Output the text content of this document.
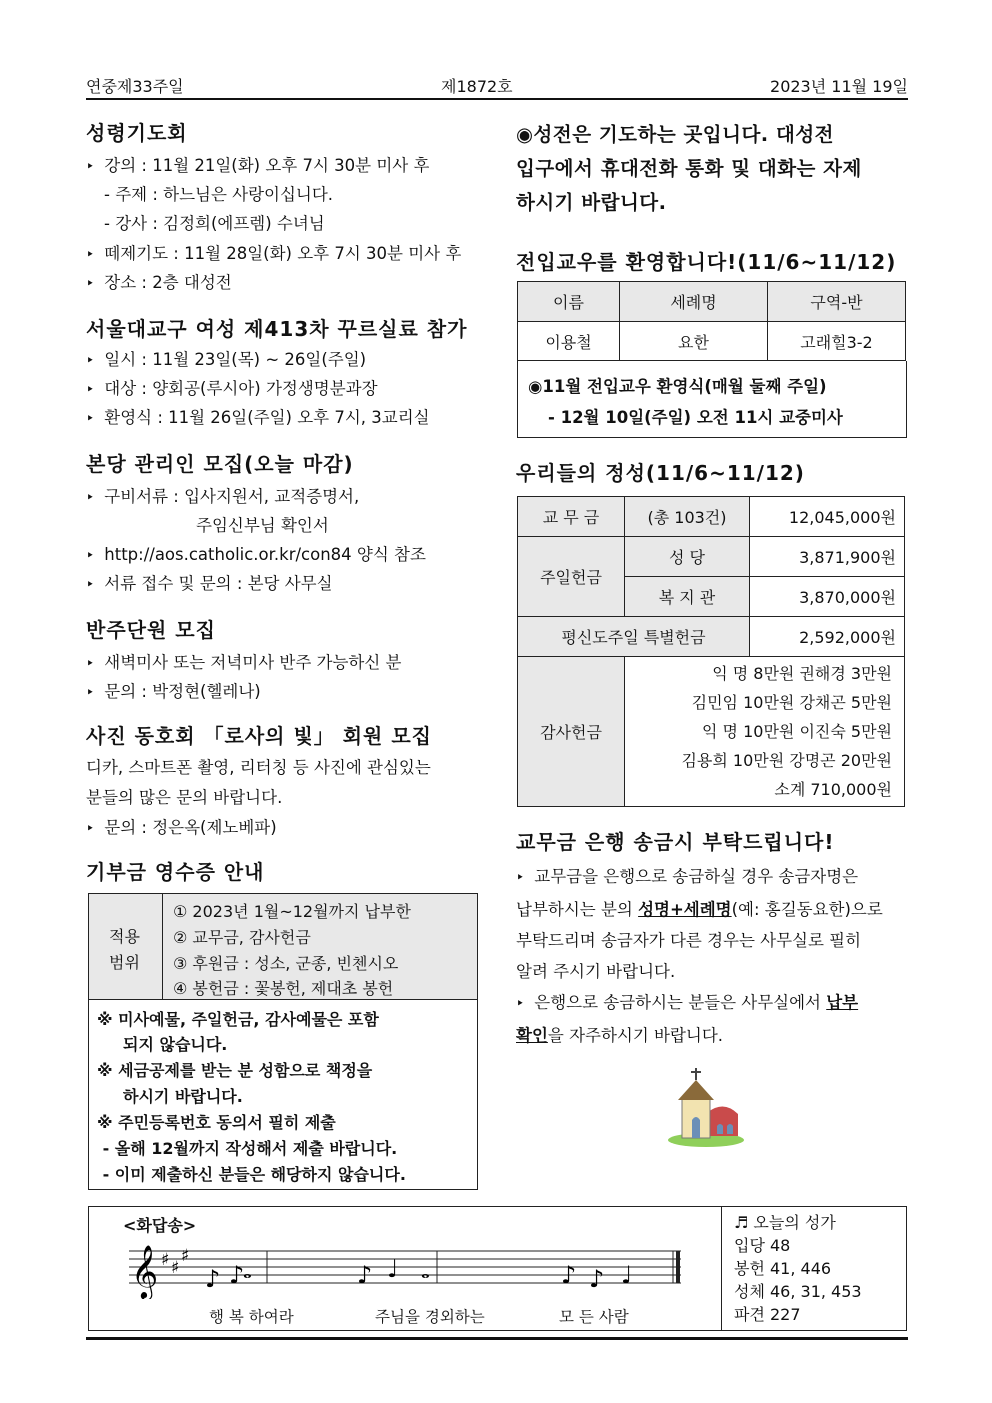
연중제33주일	제1872호	2023년 11월 19일
성령기도회
‣ 강의 : 11월 21일(화) 오후 7시 30분 미사 후
- 주제 : 하느님은 사랑이십니다.
- 강사 : 김정희(에프렘) 수녀님
‣ 떼제기도 : 11월 28일(화) 오후 7시 30분 미사 후
‣ 장소 : 2층 대성전
서울대교구 여성 제413차 꾸르실료 참가
‣ 일시 : 11월 23일(목) ~ 26일(주일)
‣ 대상 : 양회공(루시아) 가정생명분과장
‣ 환영식 : 11월 26일(주일) 오후 7시, 3교리실
본당 관리인 모집(오늘 마감)
‣ 구비서류 : 입사지원서, 교적증명서,
주임신부님 확인서
‣ http://aos.catholic.or.kr/con84 양식 참조
‣ 서류 접수 및 문의 : 본당 사무실
반주단원 모집
‣ 새벽미사 또는 저녁미사 반주 가능하신 분
‣ 문의 : 박정현(헬레나)
사진 동호회 「로사의 빛」 회원 모집
디카, 스마트폰 촬영, 리터칭 등 사진에 관심있는
분들의 많은 문의 바랍니다.
‣ 문의 : 정은옥(제노베파)
기부금 영수증 안내
적용
범위
① 2023년 1월~12월까지 납부한
② 교무금, 감사헌금
③ 후원금 : 성소, 군종, 빈첸시오
④ 봉헌금 : 꽃봉헌, 제대초 봉헌
※ 미사예물, 주일헌금, 감사예물은 포함
되지 않습니다.
※ 세금공제를 받는 분 성함으로 책정을
하시기 바랍니다.
※ 주민등록번호 동의서 필히 제출
- 올해 12월까지 작성해서 제출 바랍니다.
- 이미 제출하신 분들은 해당하지 않습니다.
◉성전은 기도하는 곳입니다. 대성전
입구에서 휴대전화 통화 및 대화는 자제
하시기 바랍니다.
전입교우를 환영합니다!(11/6~11/12)
이름	세례명	구역-반
이용철	요한	고래힐3-2
◉11월 전입교우 환영식(매월 둘째 주일)
- 12월 10일(주일) 오전 11시 교중미사
우리들의 정성(11/6~11/12)
교 무 금	(총 103건)	12,045,000원
주일헌금	성 당	3,871,900원
	복 지 관	3,870,000원
평신도주일 특별헌금		2,592,000원
감사헌금	익 명 8만원 권해경 3만원
김민임 10만원 강채곤 5만원
익 명 10만원 이진숙 5만원
김용희 10만원 강명곤 20만원
소계 710,000원	
교무금 은행 송금시 부탁드립니다!
‣ 교무금을 은행으로 송금하실 경우 송금자명은
납부하시는 분의 성명+세례명(예: 홍길동요한)으로
부탁드리며 송금자가 다른 경우는 사무실로 필히
알려 주시기 바랍니다.
‣ 은행으로 송금하시는 분들은 사무실에서 납부
확인을 자주하시기 바랍니다.
<화답송>
𝄞 ♯ ♯
♯
♪ ♪
𝅝	♪ ♩ 𝅝	♪ ♪ ♩
행 복 하여라	주님을 경외하는	모 든 사람
♬ 오늘의 성가
입당 48
봉헌 41, 446
성체 46, 31, 453
파견 227
